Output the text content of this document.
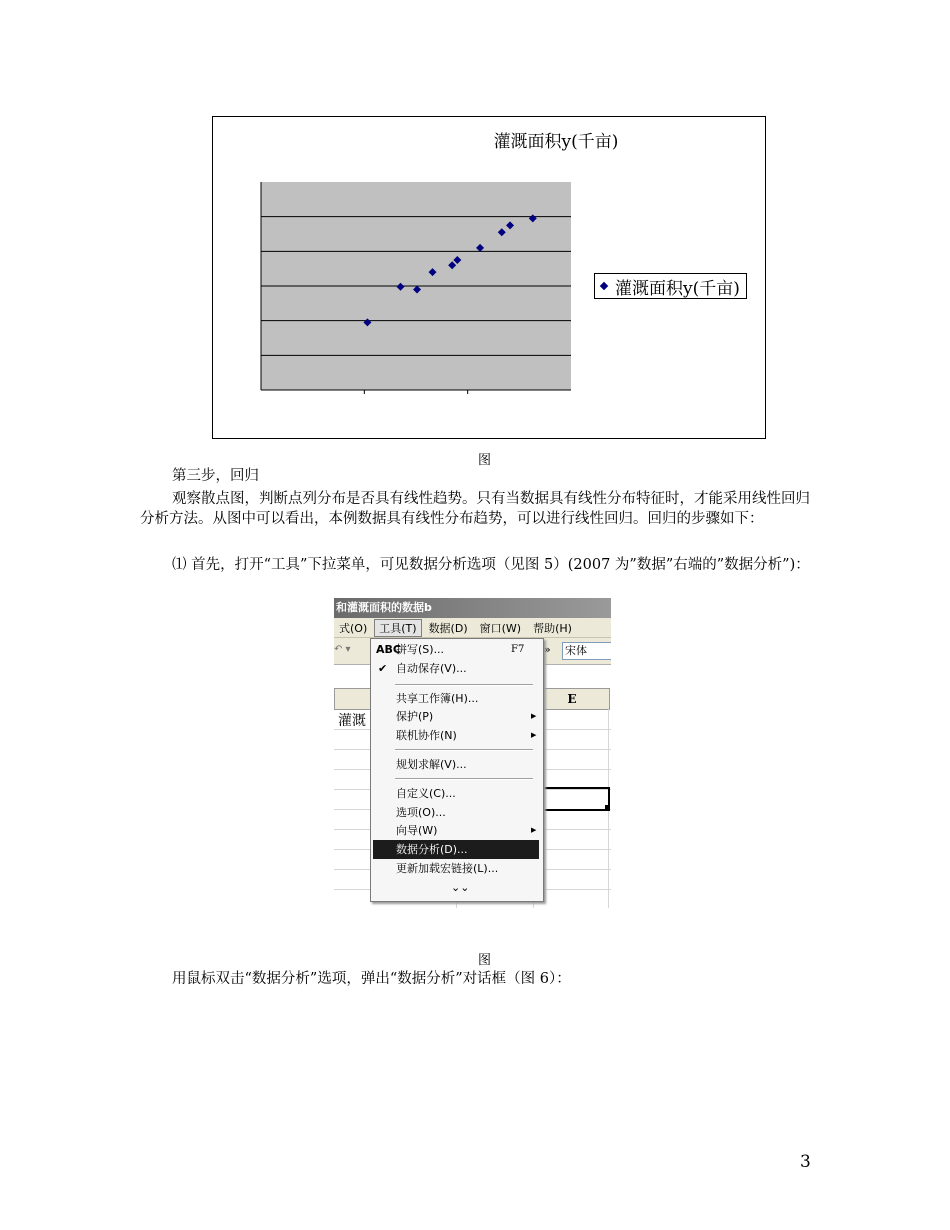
灌溉面积y(千亩)
灌溉面积y(千亩)
图
第三步，回归
观察散点图，判断点列分布是否具有线性趋势。只有当数据具有线性分布特征时，才能采用线性回归分析方法。从图中可以看出，本例数据具有线性分布趋势，可以进行线性回归。回归的步骤如下：
⑴ 首先，打开“工具”下拉菜单，可见数据分析选项（见图 5）(2007 为”数据”右端的”数据分析”)：
和灌溉面积的数据b
式(O)	工具(T)	数据(D)	窗口(W)	帮助(H)
↶ ▾	» 宋体
E
灌溉
ABC
拼写(S)...	F7
✔ 自动保存(V)...
共享工作簿(H)...
保护(P)	▶
联机协作(N)	▶
规划求解(V)...
自定义(C)...
选项(O)...
向导(W)	▶
数据分析(D)...
更新加载宏链接(L)...
⌄⌄
图
用鼠标双击“数据分析”选项，弹出“数据分析”对话框（图 6）：
3
